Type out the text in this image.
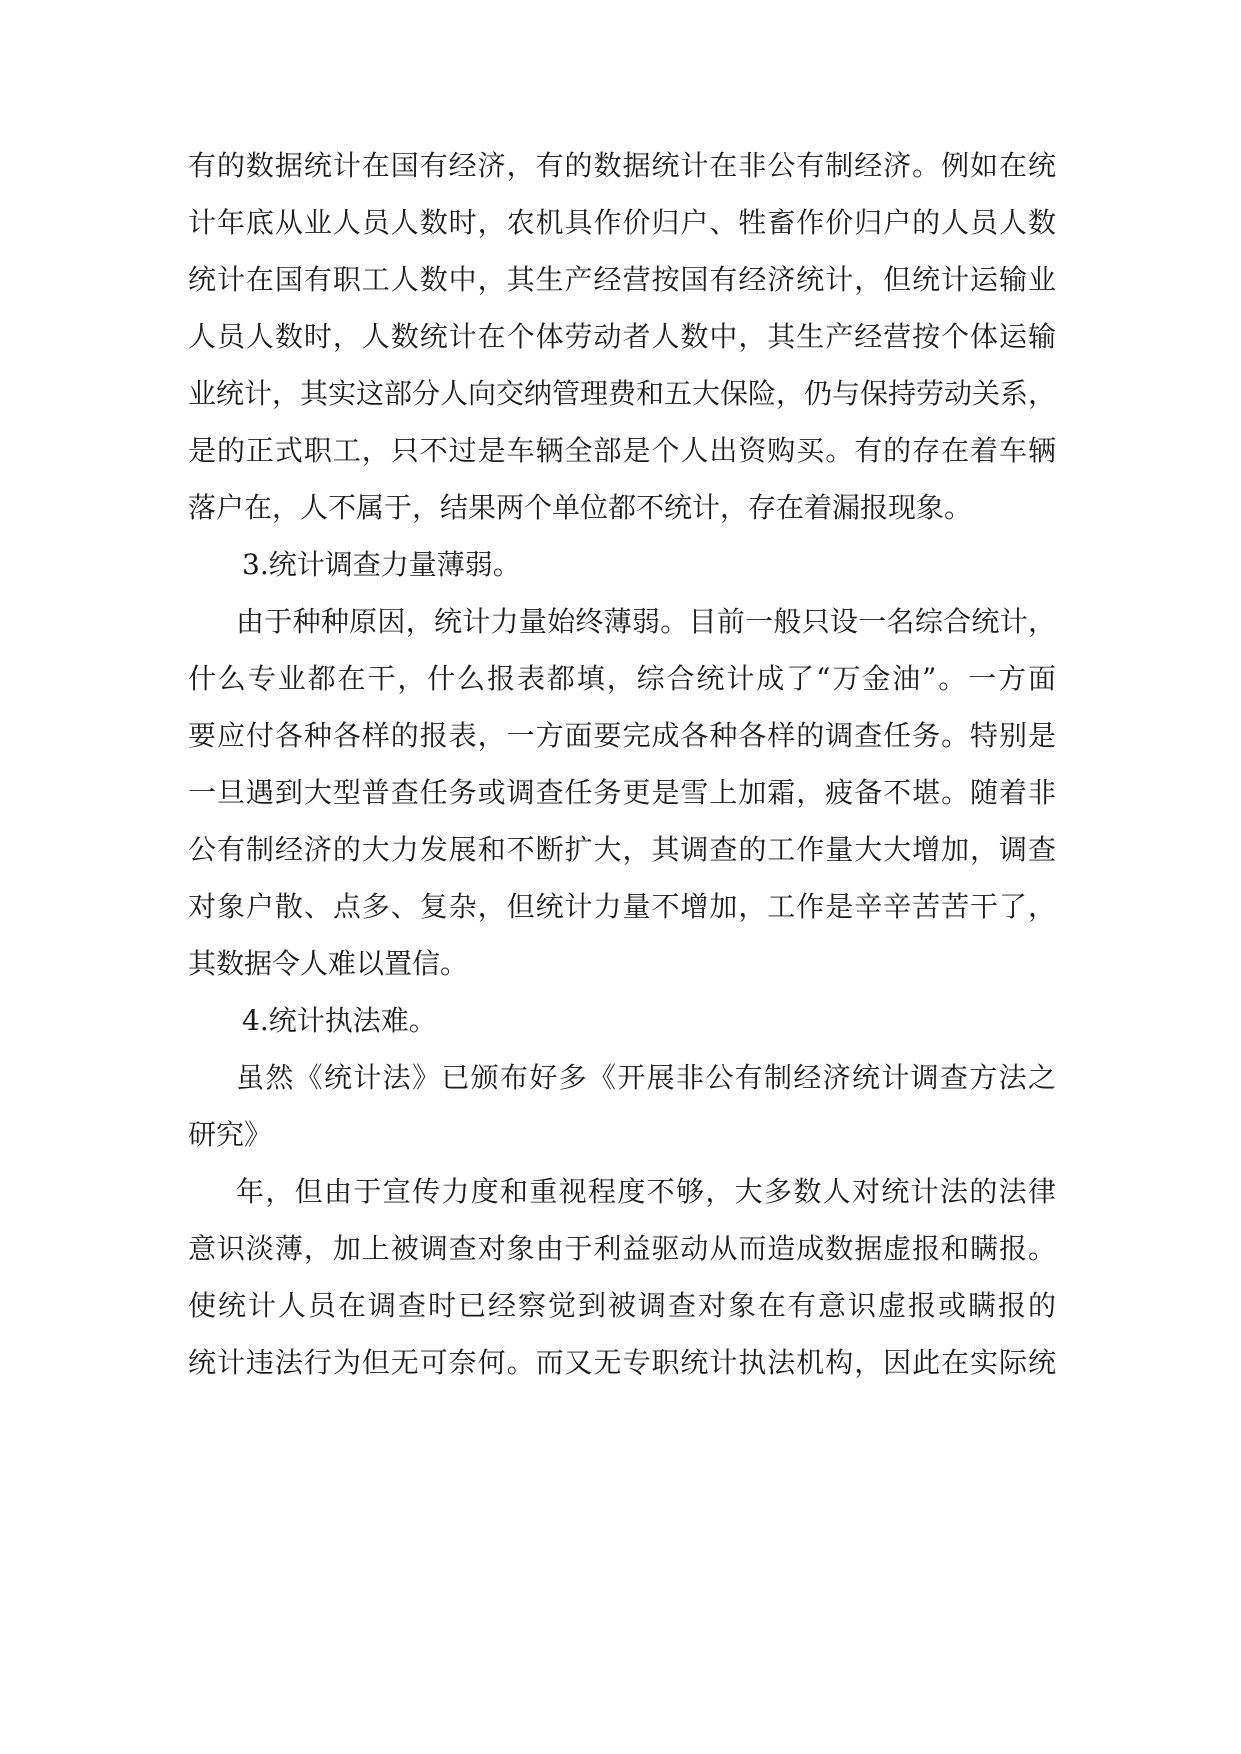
有的数据统计在国有经济，有的数据统计在非公有制经济。例如在统
计年底从业人员人数时，农机具作价归户、牲畜作价归户的人员人数
统计在国有职工人数中，其生产经营按国有经济统计，但统计运输业
人员人数时，人数统计在个体劳动者人数中，其生产经营按个体运输
业统计，其实这部分人向交纳管理费和五大保险，仍与保持劳动关系，
是的正式职工，只不过是车辆全部是个人出资购买。有的存在着车辆
落户在，人不属于，结果两个单位都不统计，存在着漏报现象。
3.统计调查力量薄弱。
由于种种原因，统计力量始终薄弱。目前一般只设一名综合统计，
什么专业都在干，什么报表都填，综合统计成了“万金油”。一方面
要应付各种各样的报表，一方面要完成各种各样的调查任务。特别是
一旦遇到大型普查任务或调查任务更是雪上加霜，疲备不堪。随着非
公有制经济的大力发展和不断扩大，其调查的工作量大大增加，调查
对象户散、点多、复杂，但统计力量不增加，工作是辛辛苦苦干了，
其数据令人难以置信。
4.统计执法难。
虽然《统计法》已颁布好多《开展非公有制经济统计调查方法之
研究》
年，但由于宣传力度和重视程度不够，大多数人对统计法的法律
意识淡薄，加上被调查对象由于利益驱动从而造成数据虚报和瞒报。
使统计人员在调查时已经察觉到被调查对象在有意识虚报或瞒报的
统计违法行为但无可奈何。而又无专职统计执法机构，因此在实际统
